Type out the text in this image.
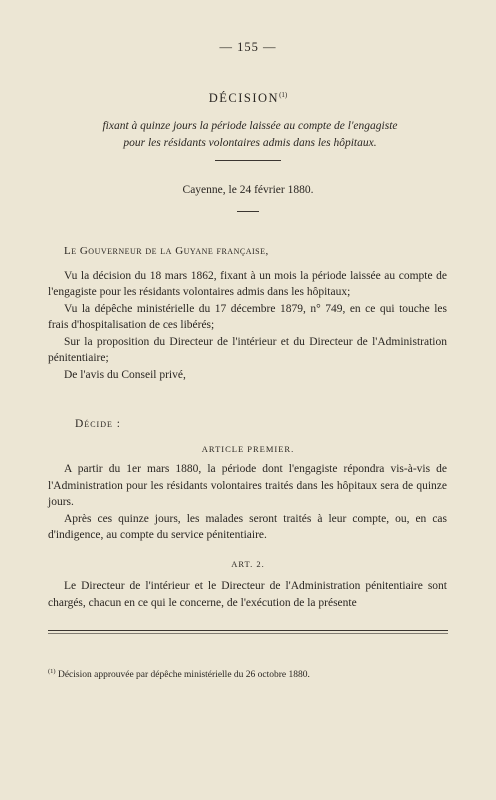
— 155 —
DÉCISION$^{(1)}$
fixant à quinze jours la période laissée au compte de l'engagiste pour les résidants volontaires admis dans les hôpitaux.
Cayenne, le 24 février 1880.

Le Gouverneur de la Guyane française,

Vu la décision du 18 mars 1862, fixant à un mois la période laissée au compte de l'engagiste pour les résidants volontaires admis dans les hôpitaux;

Vu la dépêche ministérielle du 17 décembre 1879, n° 749, en ce qui touche les frais d'hospitalisation de ces libérés;

Sur la proposition du Directeur de l'intérieur et du Directeur de l'Administration pénitentiaire;

De l'avis du Conseil privé,

Décide :
ARTICLE PREMIER.

A partir du 1er mars 1880, la période dont l'engagiste répondra vis-à-vis de l'Administration pour les résidants volontaires traités dans les hôpitaux sera de quinze jours.

Après ces quinze jours, les malades seront traités à leur compte, ou, en cas d'indigence, au compte du service pénitentiaire.

ART. 2.

Le Directeur de l'intérieur et le Directeur de l'Administration pénitentiaire sont chargés, chacun en ce qui le concerne, de l'exécution de la présente

$^{(1)}$ Décision approuvée par dépêche ministérielle du 26 octobre 1880.
